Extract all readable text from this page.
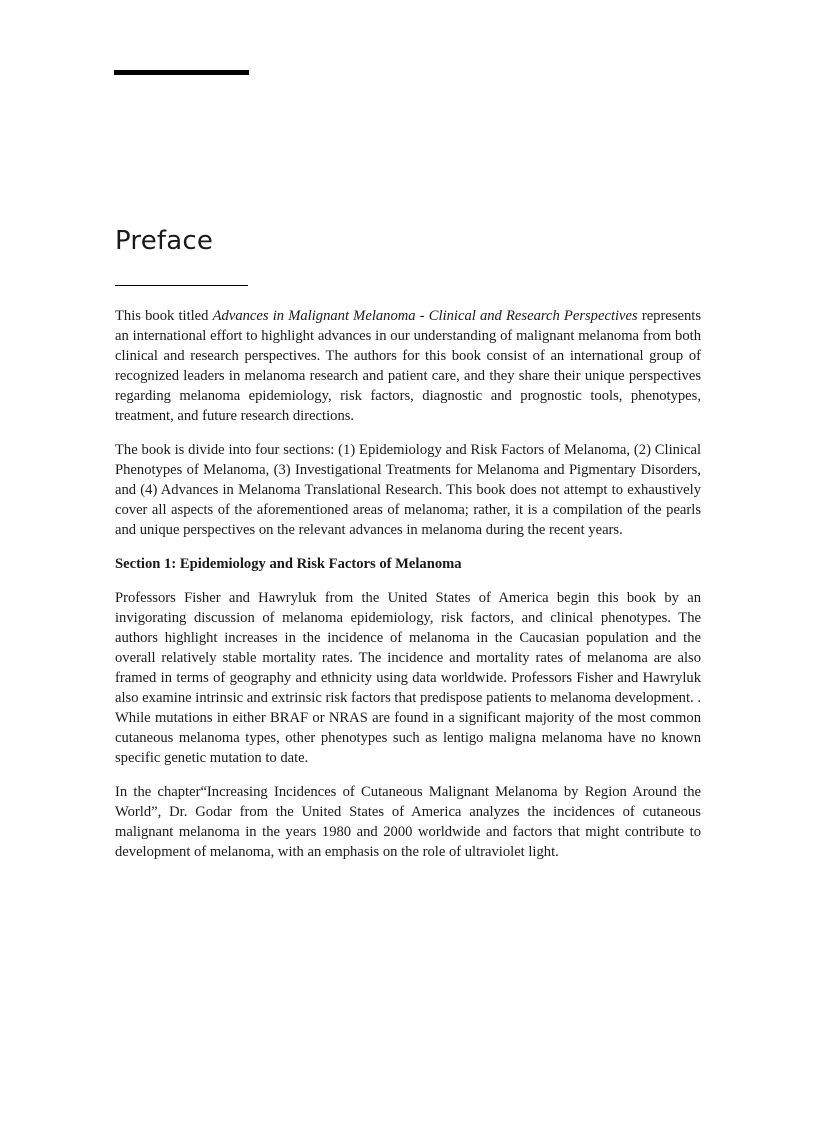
Preface

This book titled Advances in Malignant Melanoma - Clinical and Research Perspectives represents an international effort to highlight advances in our understanding of malignant melanoma from both clinical and research perspectives. The authors for this book consist of an international group of recognized leaders in melanoma research and patient care, and they share their unique perspectives regarding melanoma epidemiology, risk factors, diagnostic and prognostic tools, phenotypes, treatment, and future research directions.

The book is divide into four sections: (1) Epidemiology and Risk Factors of Melanoma, (2) Clinical Phenotypes of Melanoma, (3) Investigational Treatments for Melanoma and Pigmentary Disorders, and (4) Advances in Melanoma Translational Research. This book does not attempt to exhaustively cover all aspects of the aforementioned areas of melanoma; rather, it is a compilation of the pearls and unique perspectives on the relevant advances in melanoma during the recent years.

Section 1: Epidemiology and Risk Factors of Melanoma

Professors Fisher and Hawryluk from the United States of America begin this book by an invigorating discussion of melanoma epidemiology, risk factors, and clinical phenotypes. The authors highlight increases in the incidence of melanoma in the Caucasian population and the overall relatively stable mortality rates. The incidence and mortality rates of melanoma are also framed in terms of geography and ethnicity using data worldwide. Professors Fisher and Hawryluk also examine intrinsic and extrinsic risk factors that predispose patients to melanoma development. . While mutations in either BRAF or NRAS are found in a significant majority of the most common cutaneous melanoma types, other phenotypes such as lentigo maligna melanoma have no known specific genetic mutation to date.

In the chapter“Increasing Incidences of Cutaneous Malignant Melanoma by Region Around the World”, Dr. Godar from the United States of America analyzes the incidences of cutaneous malignant melanoma in the years 1980 and 2000 worldwide and factors that might contribute to development of melanoma, with an emphasis on the role of ultraviolet light.
